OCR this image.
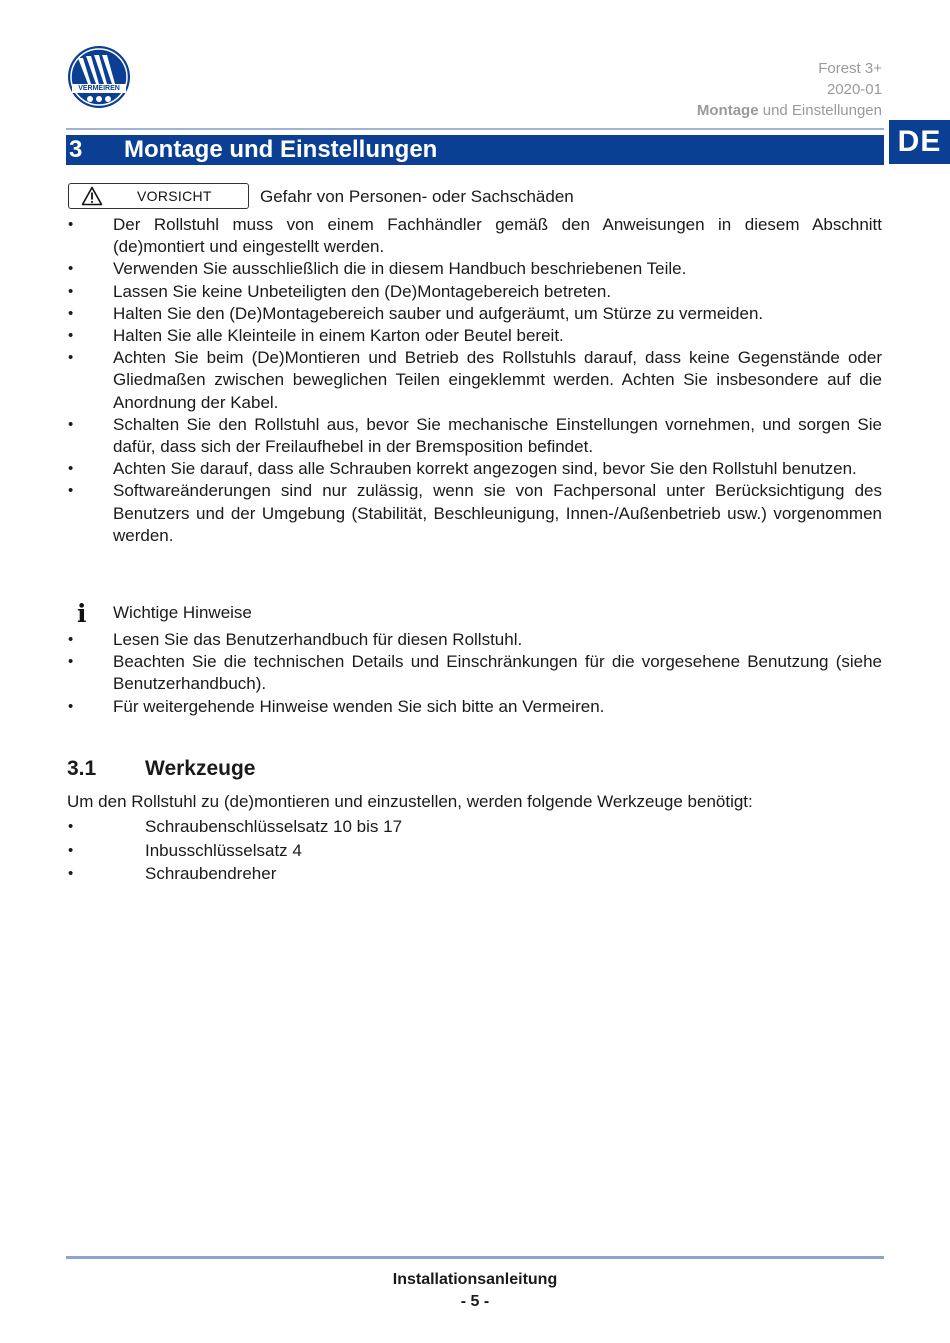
VERMEIREN
Forest 3+
2020-01
Montage und Einstellungen
DE
3 Montage und Einstellungen
VORSICHT	Gefahr von Personen- oder Sachschäden
• Der Rollstuhl muss von einem Fachhändler gemäß den Anweisungen in diesem Abschnitt (de)montiert und eingestellt werden.
• Verwenden Sie ausschließlich die in diesem Handbuch beschriebenen Teile.
• Lassen Sie keine Unbeteiligten den (De)Montagebereich betreten.
• Halten Sie den (De)Montagebereich sauber und aufgeräumt, um Stürze zu vermeiden.
• Halten Sie alle Kleinteile in einem Karton oder Beutel bereit.
• Achten Sie beim (De)Montieren und Betrieb des Rollstuhls darauf, dass keine Gegenstände oder Gliedmaßen zwischen beweglichen Teilen eingeklemmt werden. Achten Sie insbesondere auf die Anordnung der Kabel.
• Schalten Sie den Rollstuhl aus, bevor Sie mechanische Einstellungen vornehmen, und sorgen Sie dafür, dass sich der Freilaufhebel in der Bremsposition befindet.
• Achten Sie darauf, dass alle Schrauben korrekt angezogen sind, bevor Sie den Rollstuhl benutzen.
• Softwareänderungen sind nur zulässig, wenn sie von Fachpersonal unter Berücksichtigung des Benutzers und der Umgebung (Stabilität, Beschleunigung, Innen-/Außenbetrieb usw.) vorgenommen werden.
i Wichtige Hinweise
• Lesen Sie das Benutzerhandbuch für diesen Rollstuhl.
• Beachten Sie die technischen Details und Einschränkungen für die vorgesehene Benutzung (siehe Benutzerhandbuch).
• Für weitergehende Hinweise wenden Sie sich bitte an Vermeiren.
3.1 Werkzeuge
Um den Rollstuhl zu (de)montieren und einzustellen, werden folgende Werkzeuge benötigt:
• Schraubenschlüsselsatz 10 bis 17
• Inbusschlüsselsatz 4
• Schraubendreher
Installationsanleitung
- 5 -
